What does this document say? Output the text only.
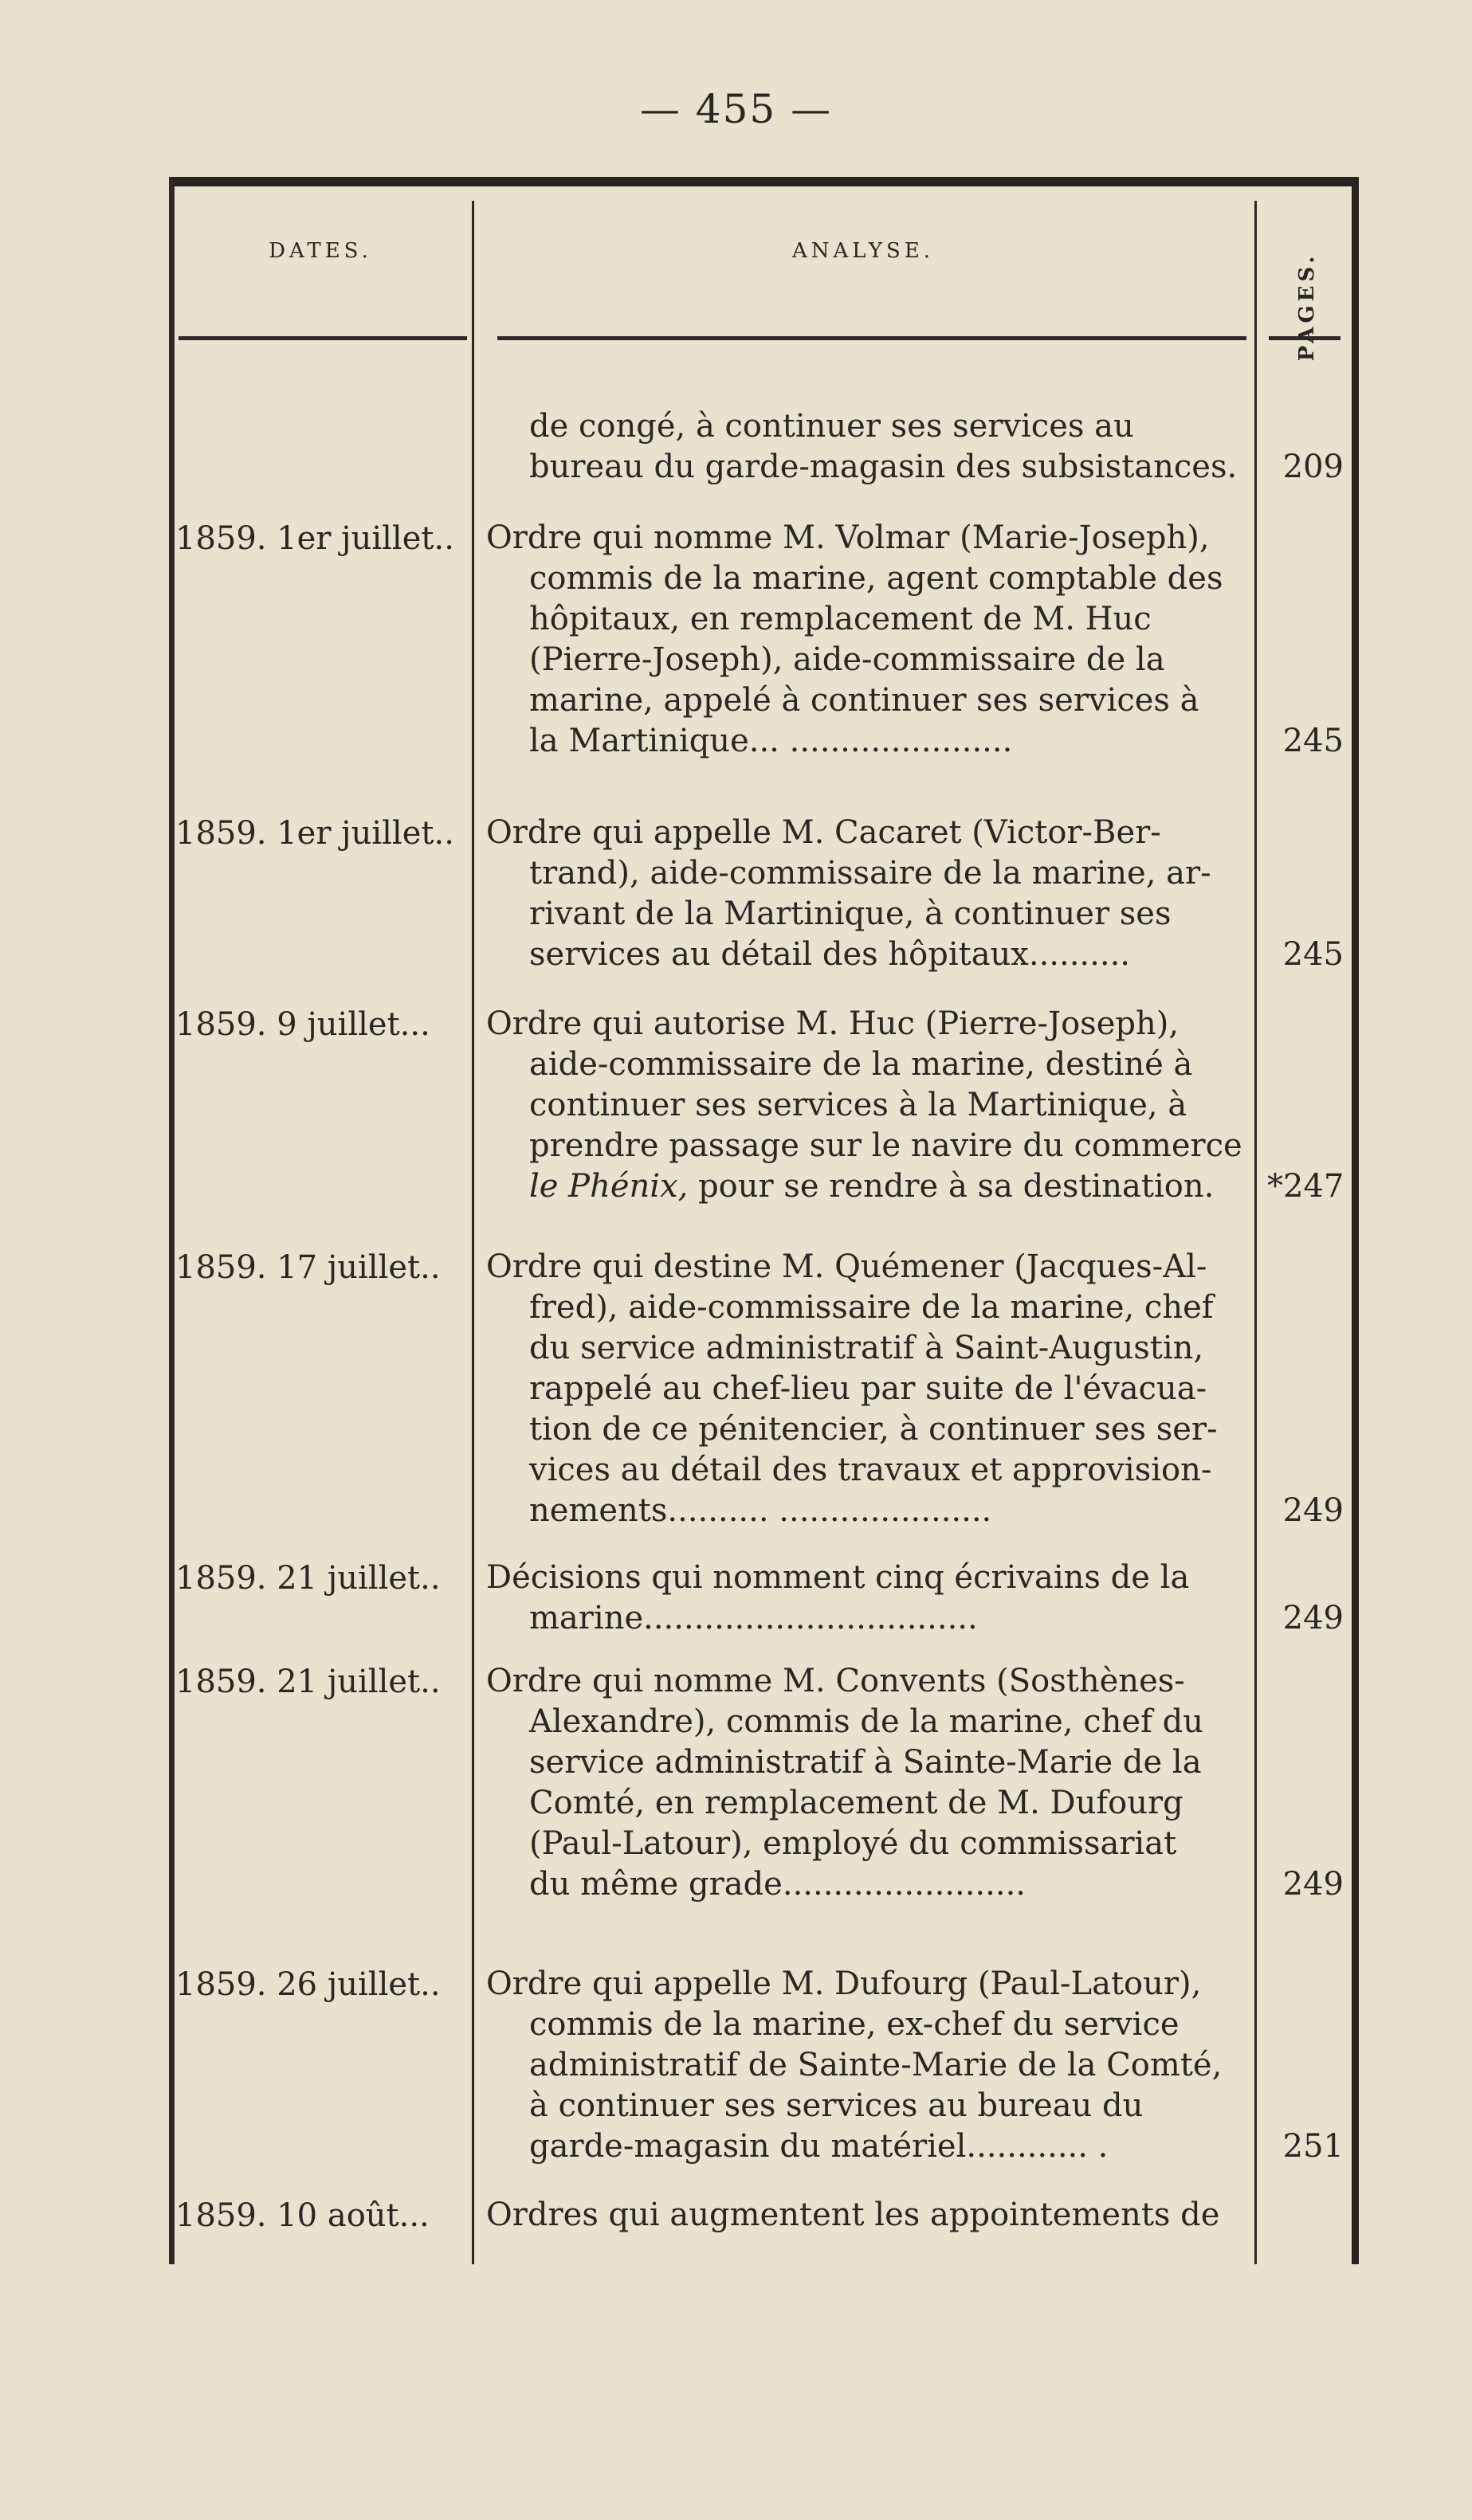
— 455 —
DATES.	ANALYSE.
PAGES.
de congé, à continuer ses services au
bureau du garde-magasin des subsistances.	209
1859. 1er juillet..	Ordre qui nomme M. Volmar (Marie-Joseph),
commis de la marine, agent comptable des
hôpitaux, en remplacement de M. Huc
(Pierre-Joseph), aide-commissaire de la
marine, appelé à continuer ses services à
la Martinique... ......................	245
1859. 1er juillet..	Ordre qui appelle M. Cacaret (Victor-Ber-
trand), aide-commissaire de la marine, ar-
rivant de la Martinique, à continuer ses
services au détail des hôpitaux..........	245
1859. 9 juillet...	Ordre qui autorise M. Huc (Pierre-Joseph),
aide-commissaire de la marine, destiné à
continuer ses services à la Martinique, à
prendre passage sur le navire du commerce
le Phénix, pour se rendre à sa destination.	*247
1859. 17 juillet..	Ordre qui destine M. Quémener (Jacques-Al-
fred), aide-commissaire de la marine, chef
du service administratif à Saint-Augustin,
rappelé au chef-lieu par suite de l'évacua-
tion de ce pénitencier, à continuer ses ser-
vices au détail des travaux et approvision-
nements.......... .....................	249
1859. 21 juillet..	Décisions qui nomment cinq écrivains de la
marine.................................	249
1859. 21 juillet..	Ordre qui nomme M. Convents (Sosthènes-
Alexandre), commis de la marine, chef du
service administratif à Sainte-Marie de la
Comté, en remplacement de M. Dufourg
(Paul-Latour), employé du commissariat
du même grade........................	249
1859. 26 juillet..	Ordre qui appelle M. Dufourg (Paul-Latour),
commis de la marine, ex-chef du service
administratif de Sainte-Marie de la Comté,
à continuer ses services au bureau du
garde-magasin du matériel............ .	251
1859. 10 août...	Ordres qui augmentent les appointements de
